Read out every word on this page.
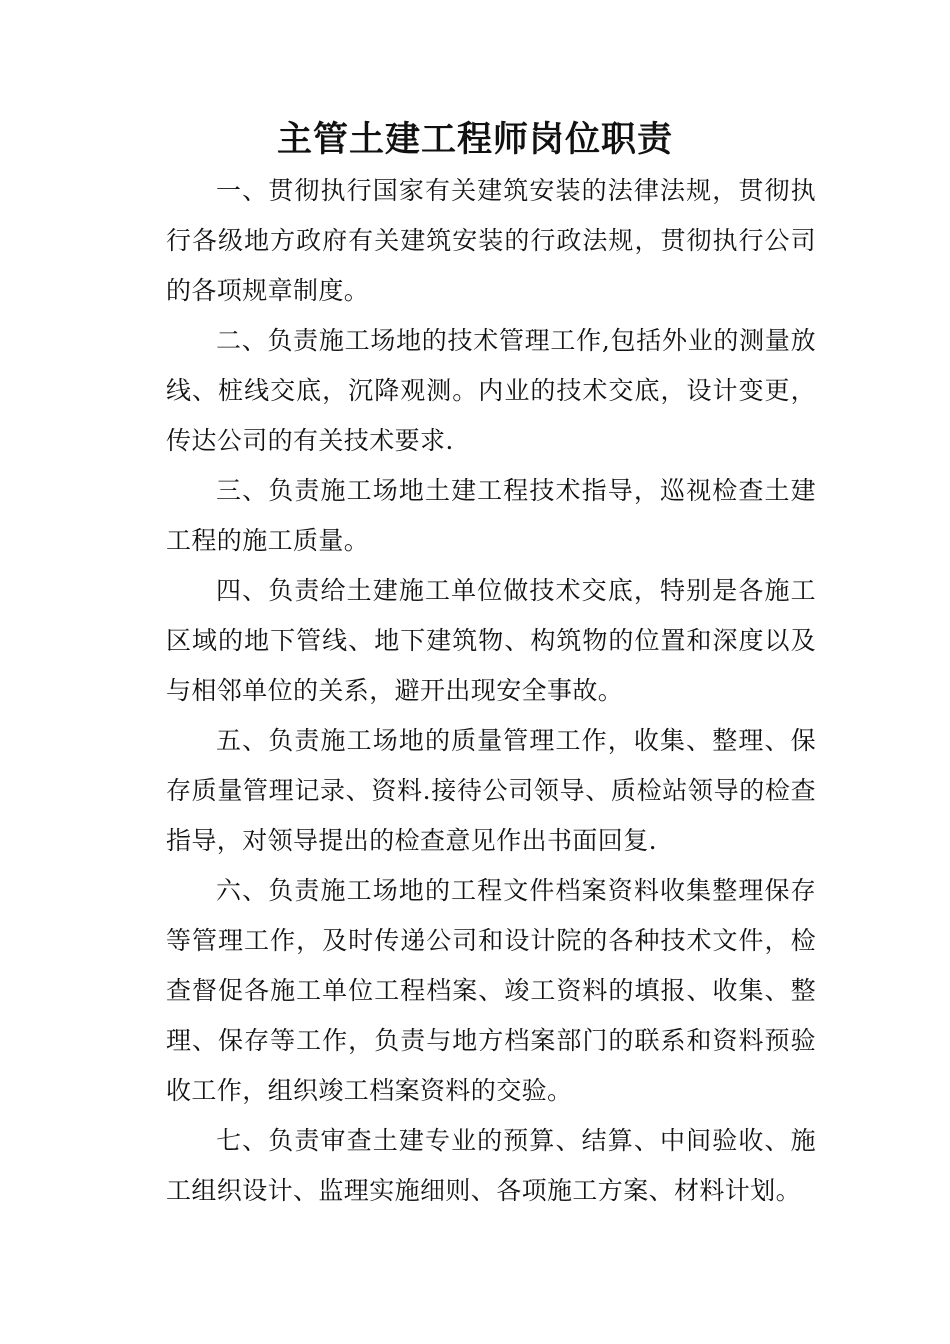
主管土建工程师岗位职责

一、贯彻执行国家有关建筑安装的法律法规，贯彻执行各级地方政府有关建筑安装的行政法规，贯彻执行公司的各项规章制度。

二、负责施工场地的技术管理工作,包括外业的测量放线、桩线交底，沉降观测。内业的技术交底，设计变更，传达公司的有关技术要求.

三、负责施工场地土建工程技术指导，巡视检查土建工程的施工质量。

四、负责给土建施工单位做技术交底，特别是各施工区域的地下管线、地下建筑物、构筑物的位置和深度以及与相邻单位的关系，避开出现安全事故。

五、负责施工场地的质量管理工作，收集、整理、保存质量管理记录、资料.接待公司领导、质检站领导的检查指导，对领导提出的检查意见作出书面回复.

六、负责施工场地的工程文件档案资料收集整理保存等管理工作，及时传递公司和设计院的各种技术文件，检查督促各施工单位工程档案、竣工资料的填报、收集、整理、保存等工作，负责与地方档案部门的联系和资料预验收工作，组织竣工档案资料的交验。

七、负责审查土建专业的预算、结算、中间验收、施工组织设计、监理实施细则、各项施工方案、材料计划。
